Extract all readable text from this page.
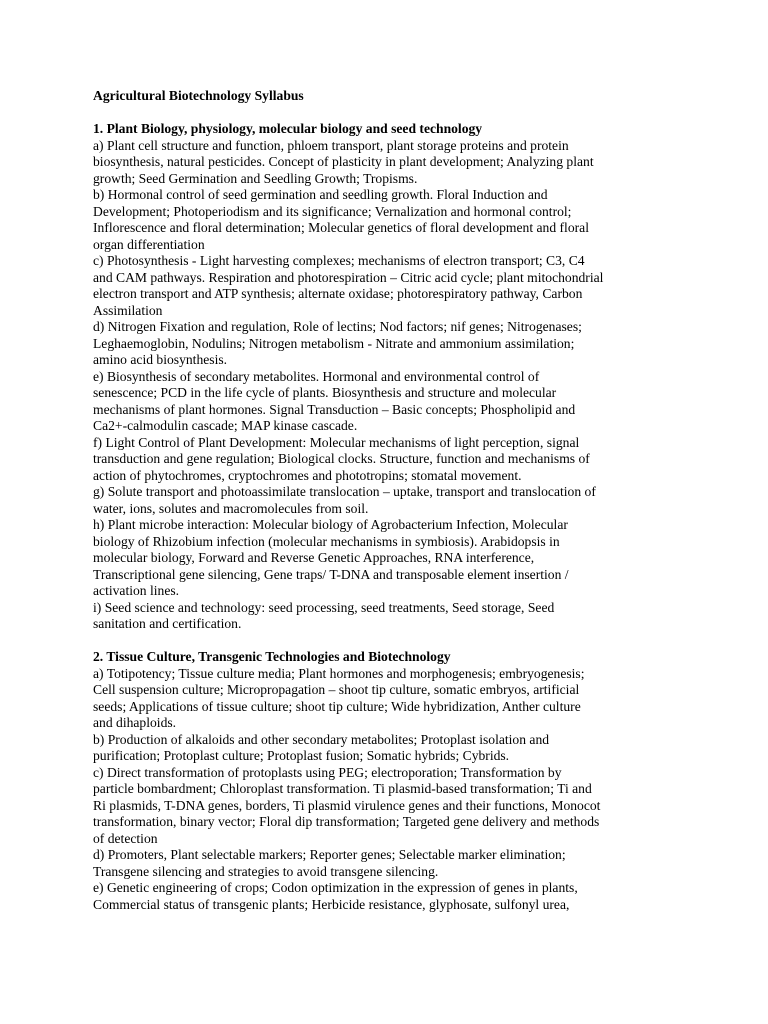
Agricultural Biotechnology Syllabus

1. Plant Biology, physiology, molecular biology and seed technology

a) Plant cell structure and function, phloem transport, plant storage proteins and protein
biosynthesis, natural pesticides. Concept of plasticity in plant development; Analyzing plant
growth; Seed Germination and Seedling Growth; Tropisms.

b) Hormonal control of seed germination and seedling growth. Floral Induction and
Development; Photoperiodism and its significance; Vernalization and hormonal control;
Inflorescence and floral determination; Molecular genetics of floral development and floral
organ differentiation

c) Photosynthesis - Light harvesting complexes; mechanisms of electron transport; C3, C4
and CAM pathways. Respiration and photorespiration – Citric acid cycle; plant mitochondrial
electron transport and ATP synthesis; alternate oxidase; photorespiratory pathway, Carbon
Assimilation

d) Nitrogen Fixation and regulation, Role of lectins; Nod factors; nif genes; Nitrogenases;
Leghaemoglobin, Nodulins; Nitrogen metabolism - Nitrate and ammonium assimilation;
amino acid biosynthesis.

e) Biosynthesis of secondary metabolites. Hormonal and environmental control of
senescence; PCD in the life cycle of plants. Biosynthesis and structure and molecular
mechanisms of plant hormones. Signal Transduction – Basic concepts; Phospholipid and
Ca2+-calmodulin cascade; MAP kinase cascade.

f) Light Control of Plant Development: Molecular mechanisms of light perception, signal
transduction and gene regulation; Biological clocks. Structure, function and mechanisms of
action of phytochromes, cryptochromes and phototropins; stomatal movement.

g) Solute transport and photoassimilate translocation – uptake, transport and translocation of
water, ions, solutes and macromolecules from soil.

h) Plant microbe interaction: Molecular biology of Agrobacterium Infection, Molecular
biology of Rhizobium infection (molecular mechanisms in symbiosis). Arabidopsis in
molecular biology, Forward and Reverse Genetic Approaches, RNA interference,
Transcriptional gene silencing, Gene traps/ T-DNA and transposable element insertion /
activation lines.

i) Seed science and technology: seed processing, seed treatments, Seed storage, Seed
sanitation and certification.

2. Tissue Culture, Transgenic Technologies and Biotechnology

a) Totipotency; Tissue culture media; Plant hormones and morphogenesis; embryogenesis;
Cell suspension culture; Micropropagation – shoot tip culture, somatic embryos, artificial
seeds; Applications of tissue culture; shoot tip culture; Wide hybridization, Anther culture
and dihaploids.

b) Production of alkaloids and other secondary metabolites; Protoplast isolation and
purification; Protoplast culture; Protoplast fusion; Somatic hybrids; Cybrids.

c) Direct transformation of protoplasts using PEG; electroporation; Transformation by
particle bombardment; Chloroplast transformation. Ti plasmid-based transformation; Ti and
Ri plasmids, T-DNA genes, borders, Ti plasmid virulence genes and their functions, Monocot
transformation, binary vector; Floral dip transformation; Targeted gene delivery and methods
of detection

d) Promoters, Plant selectable markers; Reporter genes; Selectable marker elimination;
Transgene silencing and strategies to avoid transgene silencing.

e) Genetic engineering of crops; Codon optimization in the expression of genes in plants,
Commercial status of transgenic plants; Herbicide resistance, glyphosate, sulfonyl urea,
